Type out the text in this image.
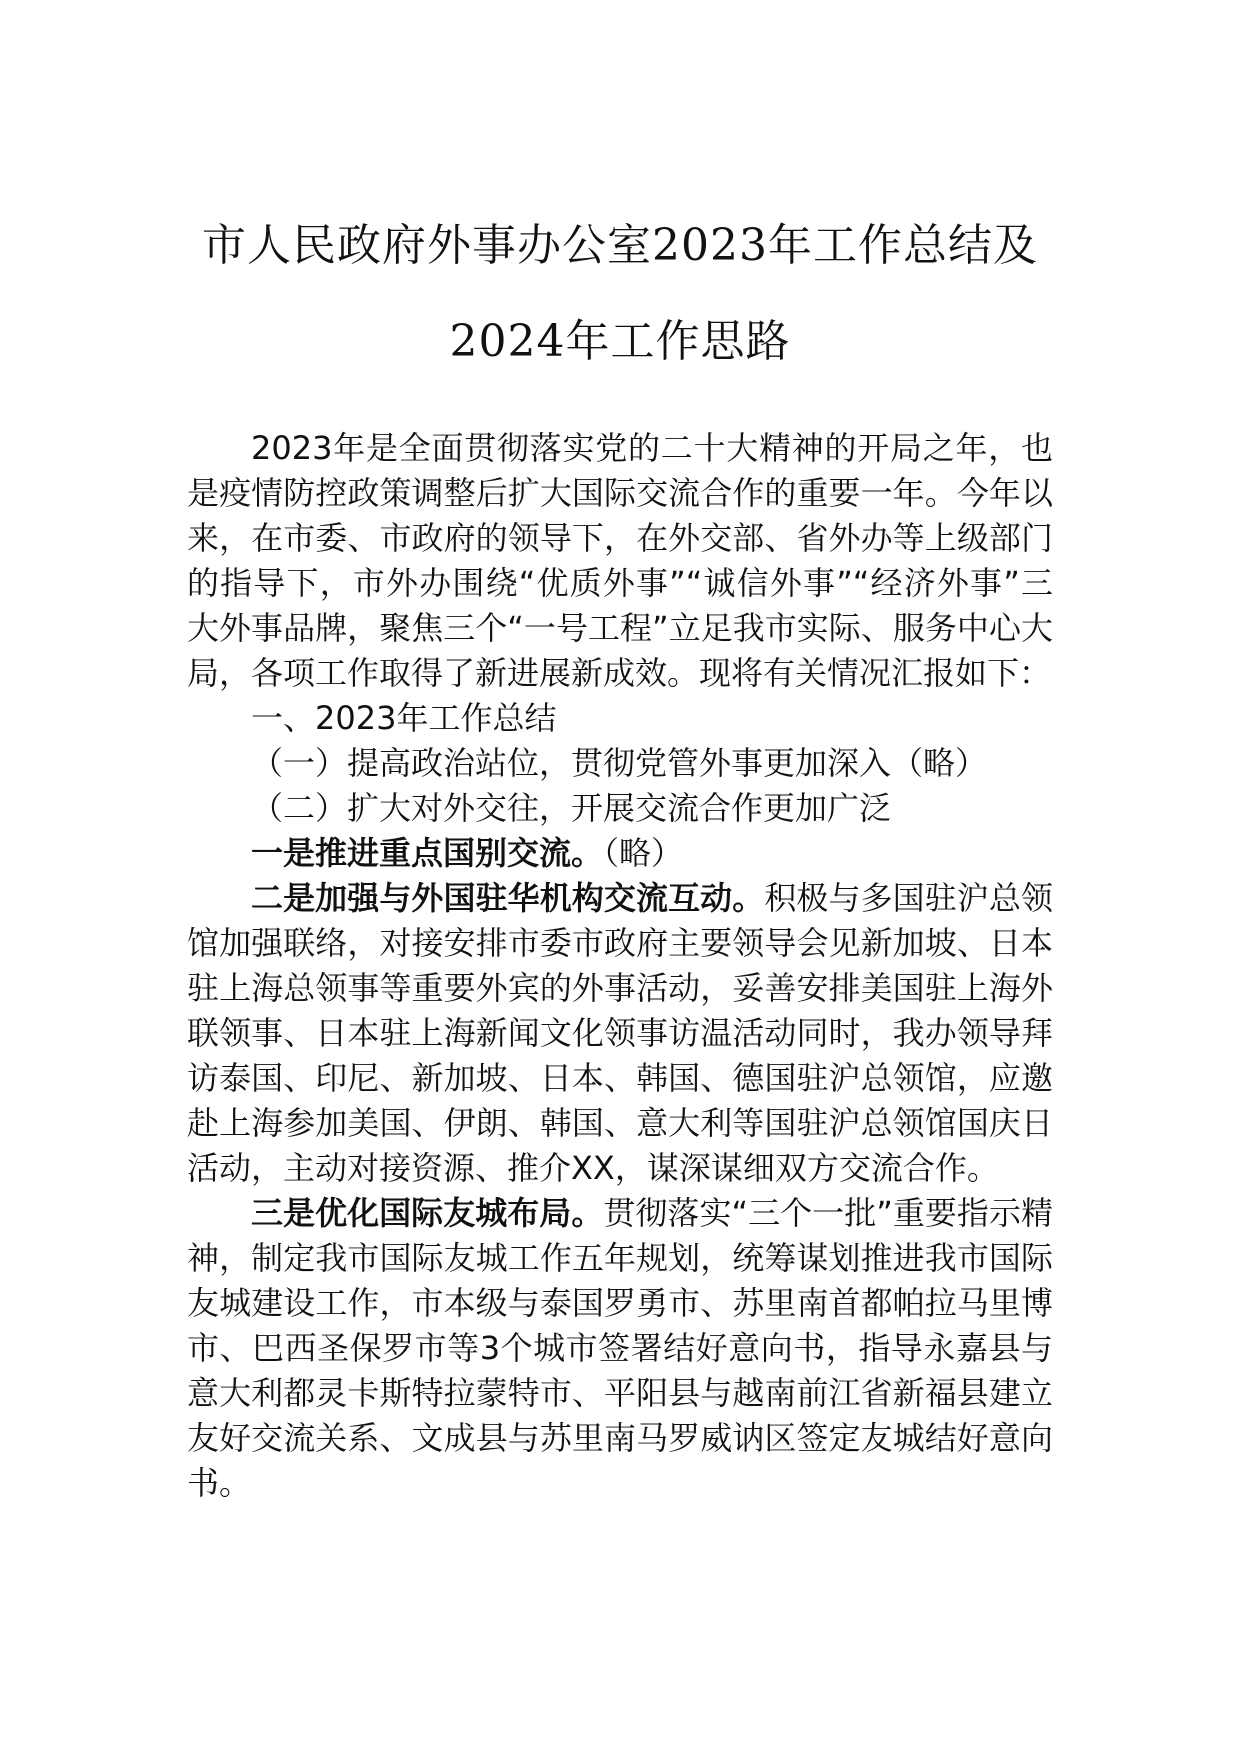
市人民政府外事办公室2023年工作总结及
2024年工作思路

2023年是全面贯彻落实党的二十大精神的开局之年，也是疫情防控政策调整后扩大国际交流合作的重要一年。今年以来，在市委、市政府的领导下，在外交部、省外办等上级部门的指导下，市外办围绕“优质外事”“诚信外事”“经济外事”三大外事品牌，聚焦三个“一号工程”立足我市实际、服务中心大局，各项工作取得了新进展新成效。现将有关情况汇报如下：

一、2023年工作总结

（一）提高政治站位，贯彻党管外事更加深入（略）

（二）扩大对外交往，开展交流合作更加广泛

一是推进重点国别交流。（略）

二是加强与外国驻华机构交流互动。积极与多国驻沪总领馆加强联络，对接安排市委市政府主要领导会见新加坡、日本驻上海总领事等重要外宾的外事活动，妥善安排美国驻上海外联领事、日本驻上海新闻文化领事访温活动同时，我办领导拜访泰国、印尼、新加坡、日本、韩国、德国驻沪总领馆，应邀赴上海参加美国、伊朗、韩国、意大利等国驻沪总领馆国庆日活动，主动对接资源、推介XX，谋深谋细双方交流合作。

三是优化国际友城布局。贯彻落实“三个一批”重要指示精神，制定我市国际友城工作五年规划，统筹谋划推进我市国际友城建设工作，市本级与泰国罗勇市、苏里南首都帕拉马里博市、巴西圣保罗市等3个城市签署结好意向书，指导永嘉县与意大利都灵卡斯特拉蒙特市、平阳县与越南前江省新福县建立友好交流关系、文成县与苏里南马罗威讷区签定友城结好意向书。
